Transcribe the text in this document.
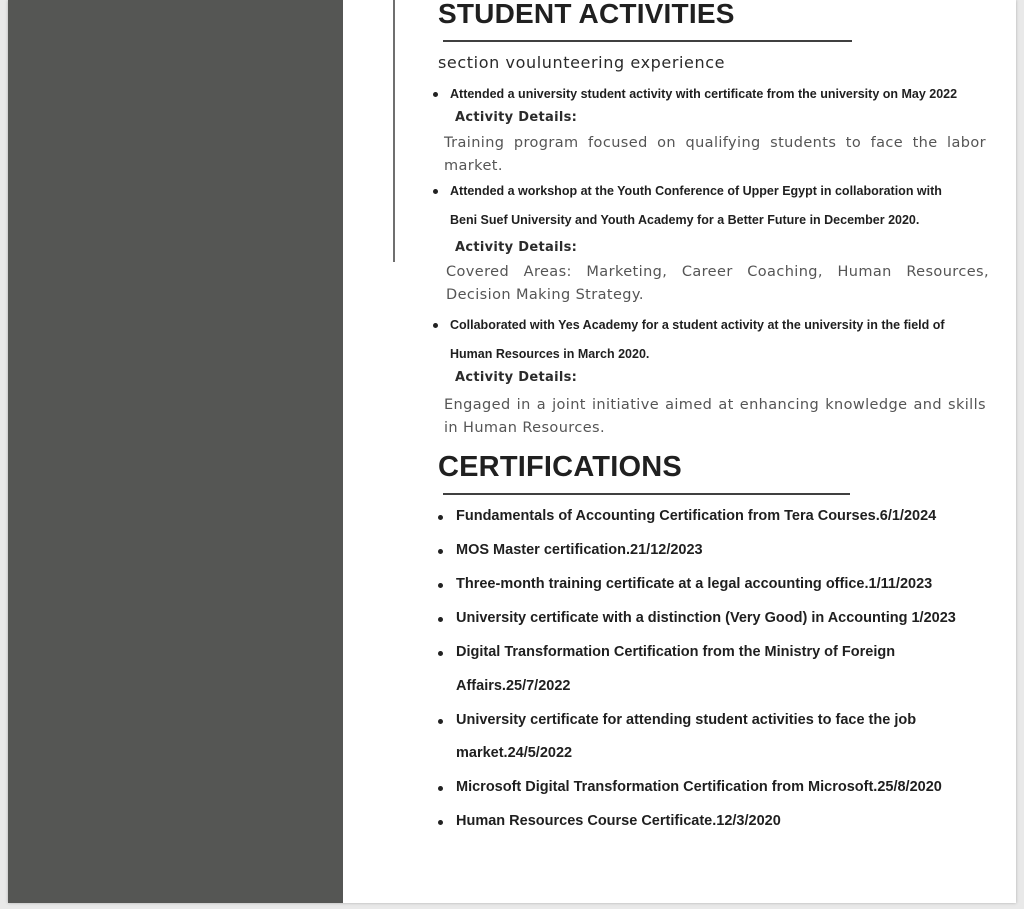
STUDENT ACTIVITIES
section voulunteering experience

Attended a university student activity with certificate from the university on May 2022

Activity Details:
Training program focused on qualifying students to face the labor market.

Attended a workshop at the Youth Conference of Upper Egypt in collaboration with

Beni Suef University and Youth Academy for a Better Future in December 2020.

Activity Details:
Covered Areas: Marketing, Career Coaching, Human Resources, Decision Making Strategy.

Collaborated with Yes Academy for a student activity at the university in the field of

Human Resources in March 2020.

Activity Details:
Engaged in a joint initiative aimed at enhancing knowledge and skills in Human Resources.
CERTIFICATIONS

Fundamentals of Accounting Certification from Tera Courses.6/1/2024

MOS Master certification.21/12/2023

Three-month training certificate at a legal accounting office.1/11/2023

University certificate with a distinction (Very Good) in Accounting 1/2023

Digital Transformation Certification from the Ministry of Foreign

Affairs.25/7/2022

University certificate for attending student activities to face the job

market.24/5/2022

Microsoft Digital Transformation Certification from Microsoft.25/8/2020

Human Resources Course Certificate.12/3/2020
